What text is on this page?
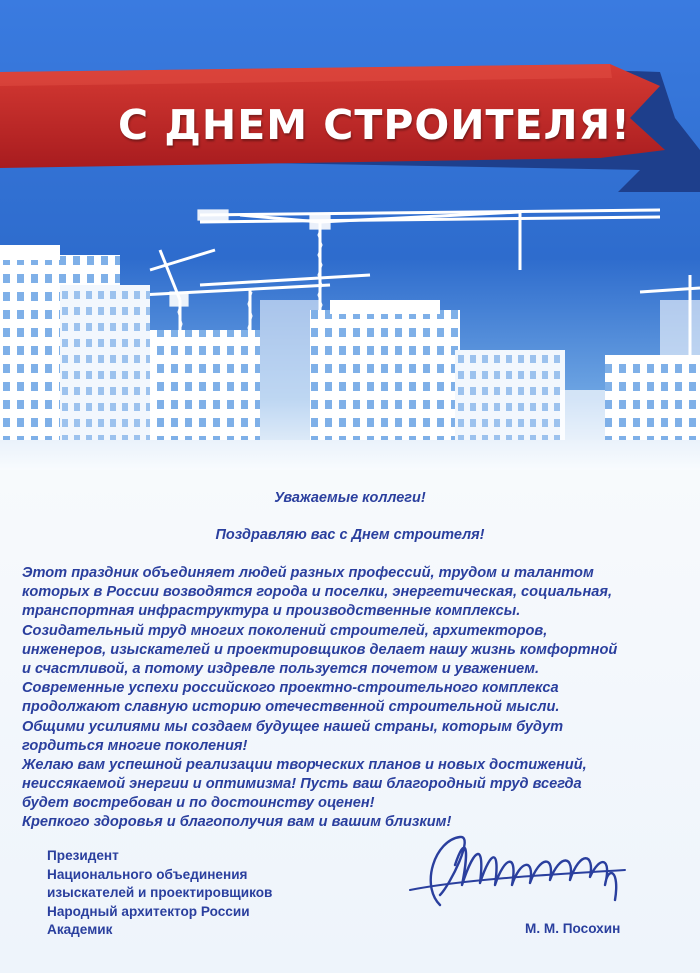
С ДНЕМ СТРОИТЕЛЯ!
Уважаемые коллеги!
Поздравляю вас с Днем строителя!
Этот праздник объединяет людей разных профессий, трудом и талантом
которых в России возводятся города и поселки, энергетическая, социальная,
транспортная инфраструктура и производственные комплексы.
Созидательный труд многих поколений строителей, архитекторов,
инженеров, изыскателей и проектировщиков делает нашу жизнь комфортной
и счастливой, а потому издревле пользуется почетом и уважением.
Современные успехи российского проектно-строительного комплекса
продолжают славную историю отечественной строительной мысли.
Общими усилиями мы создаем будущее нашей страны, которым будут
гордиться многие поколения!
Желаю вам успешной реализации творческих планов и новых достижений,
неиссякаемой энергии и оптимизма! Пусть ваш благородный труд всегда
будет востребован и по достоинству оценен!
Крепкого здоровья и благополучия вам и вашим близким!
Президент
Национального объединения
изыскателей и проектировщиков
Народный архитектор России
Академик	М. М. Посохин
